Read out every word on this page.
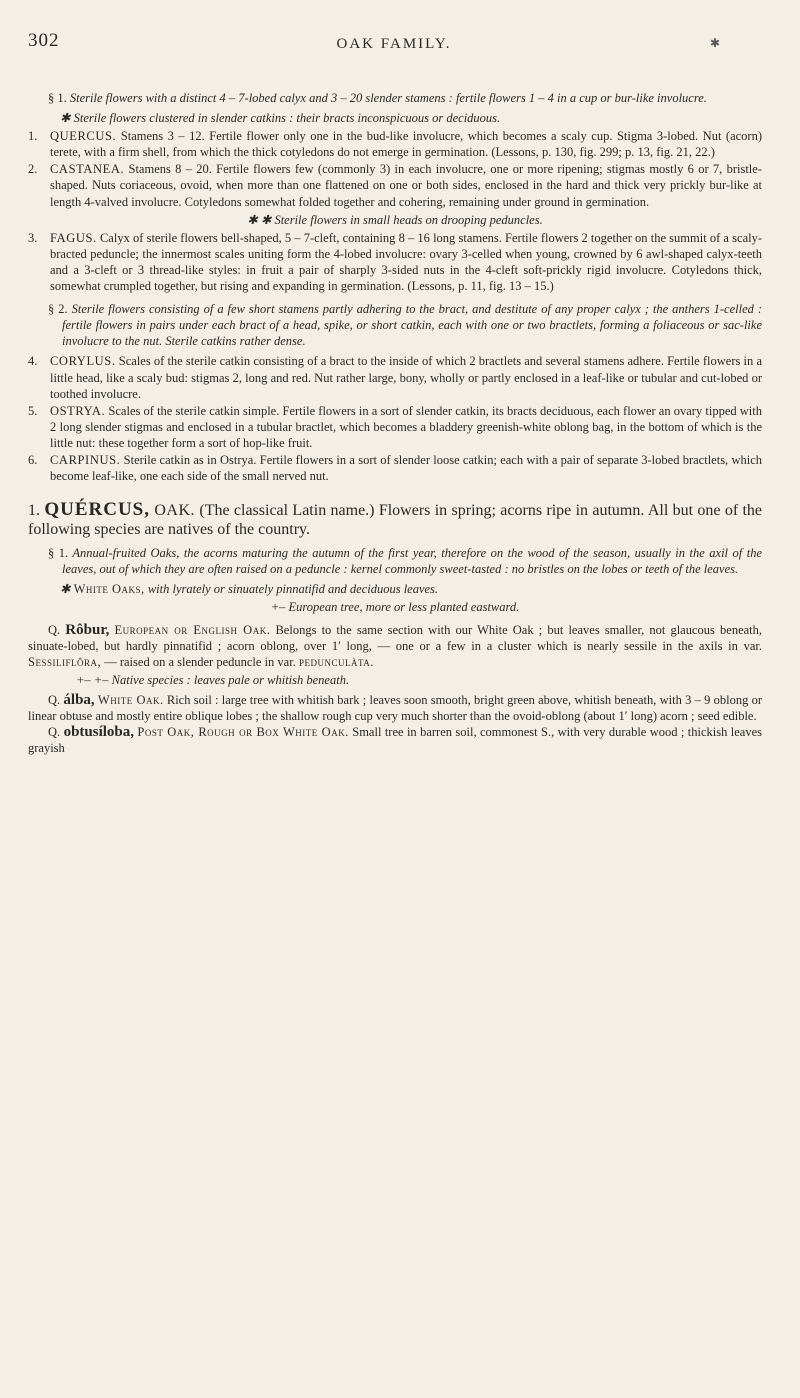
302	OAK FAMILY.	✱

§ 1. Sterile flowers with a distinct 4 – 7-lobed calyx and 3 – 20 slender stamens : fertile flowers 1 – 4 in a cup or bur-like involucre.

✱ Sterile flowers clustered in slender catkins : their bracts inconspicuous or deciduous.

1. QUERCUS. Stamens 3 – 12. Fertile flower only one in the bud-like involucre, which becomes a scaly cup. Stigma 3-lobed. Nut (acorn) terete, with a firm shell, from which the thick cotyledons do not emerge in germination. (Lessons, p. 130, fig. 299; p. 13, fig. 21, 22.)

2. CASTANEA. Stamens 8 – 20. Fertile flowers few (commonly 3) in each involucre, one or more ripening; stigmas mostly 6 or 7, bristle-shaped. Nuts coriaceous, ovoid, when more than one flattened on one or both sides, enclosed in the hard and thick very prickly bur-like at length 4-valved involucre. Cotyledons somewhat folded together and cohering, remaining under ground in germination.

✱ ✱ Sterile flowers in small heads on drooping peduncles.

3. FAGUS. Calyx of sterile flowers bell-shaped, 5 – 7-cleft, containing 8 – 16 long stamens. Fertile flowers 2 together on the summit of a scaly-bracted peduncle; the innermost scales uniting form the 4-lobed involucre: ovary 3-celled when young, crowned by 6 awl-shaped calyx-teeth and a 3-cleft or 3 thread-like styles: in fruit a pair of sharply 3-sided nuts in the 4-cleft soft-prickly rigid involucre. Cotyledons thick, somewhat crumpled together, but rising and expanding in germination. (Lessons, p. 11, fig. 13 – 15.)

§ 2. Sterile flowers consisting of a few short stamens partly adhering to the bract, and destitute of any proper calyx ; the anthers 1-celled : fertile flowers in pairs under each bract of a head, spike, or short catkin, each with one or two bractlets, forming a foliaceous or sac-like involucre to the nut. Sterile catkins rather dense.

4. CORYLUS. Scales of the sterile catkin consisting of a bract to the inside of which 2 bractlets and several stamens adhere. Fertile flowers in a little head, like a scaly bud: stigmas 2, long and red. Nut rather large, bony, wholly or partly enclosed in a leaf-like or tubular and cut-lobed or toothed involucre.

5. OSTRYA. Scales of the sterile catkin simple. Fertile flowers in a sort of slender catkin, its bracts deciduous, each flower an ovary tipped with 2 long slender stigmas and enclosed in a tubular bractlet, which becomes a bladdery greenish-white oblong bag, in the bottom of which is the little nut: these together form a sort of hop-like fruit.

6. CARPINUS. Sterile catkin as in Ostrya. Fertile flowers in a sort of slender loose catkin; each with a pair of separate 3-lobed bractlets, which become leaf-like, one each side of the small nerved nut.

1. QUÉRCUS, OAK. (The classical Latin name.) Flowers in spring; acorns ripe in autumn. All but one of the following species are natives of the country.

§ 1. Annual-fruited Oaks, the acorns maturing the autumn of the first year, therefore on the wood of the season, usually in the axil of the leaves, out of which they are often raised on a peduncle : kernel commonly sweet-tasted : no bristles on the lobes or teeth of the leaves.

✱ White Oaks, with lyrately or sinuately pinnatifid and deciduous leaves.

+– European tree, more or less planted eastward.

Q. Rôbur, European or English Oak. Belongs to the same section with our White Oak ; but leaves smaller, not glaucous beneath, sinuate-lobed, but hardly pinnatifid ; acorn oblong, over 1′ long, — one or a few in a cluster which is nearly sessile in the axils in var. Sessiliflôra, — raised on a slender peduncle in var. pedunculàta.

+– +– Native species : leaves pale or whitish beneath.

Q. álba, White Oak. Rich soil : large tree with whitish bark ; leaves soon smooth, bright green above, whitish beneath, with 3 – 9 oblong or linear obtuse and mostly entire oblique lobes ; the shallow rough cup very much shorter than the ovoid-oblong (about 1′ long) acorn ; seed edible.

Q. obtusíloba, Post Oak, Rough or Box White Oak. Small tree in barren soil, commonest S., with very durable wood ; thickish leaves grayish
